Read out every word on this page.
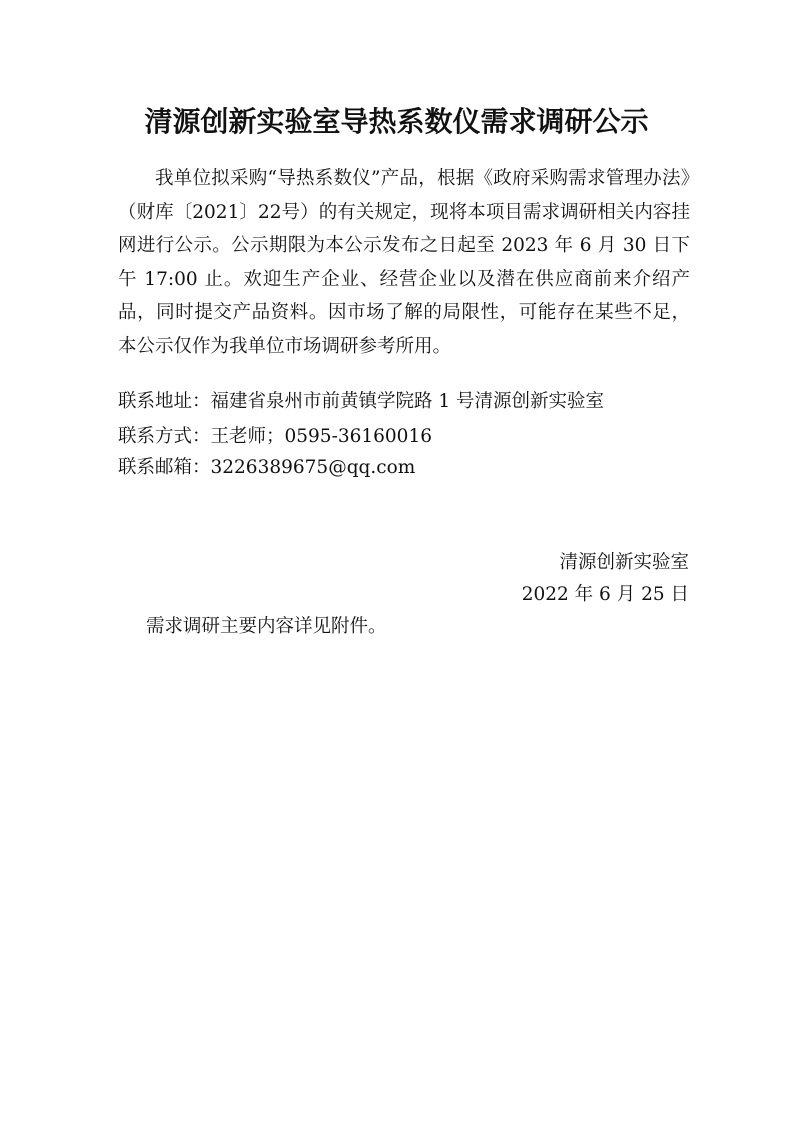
清源创新实验室导热系数仪需求调研公示

我单位拟采购“导热系数仪”产品，根据《政府采购需求管理办法》（财库〔2021〕22号）的有关规定，现将本项目需求调研相关内容挂网进行公示。公示期限为本公示发布之日起至 2023 年 6 月 30 日下午 17:00 止。欢迎生产企业、经营企业以及潜在供应商前来介绍产品，同时提交产品资料。因市场了解的局限性，可能存在某些不足，本公示仅作为我单位市场调研参考所用。

联系地址：福建省泉州市前黄镇学院路 1 号清源创新实验室
联系方式：王老师；0595-36160016
联系邮箱：3226389675@qq.com
清源创新实验室
2022 年 6 月 25 日
需求调研主要内容详见附件。
